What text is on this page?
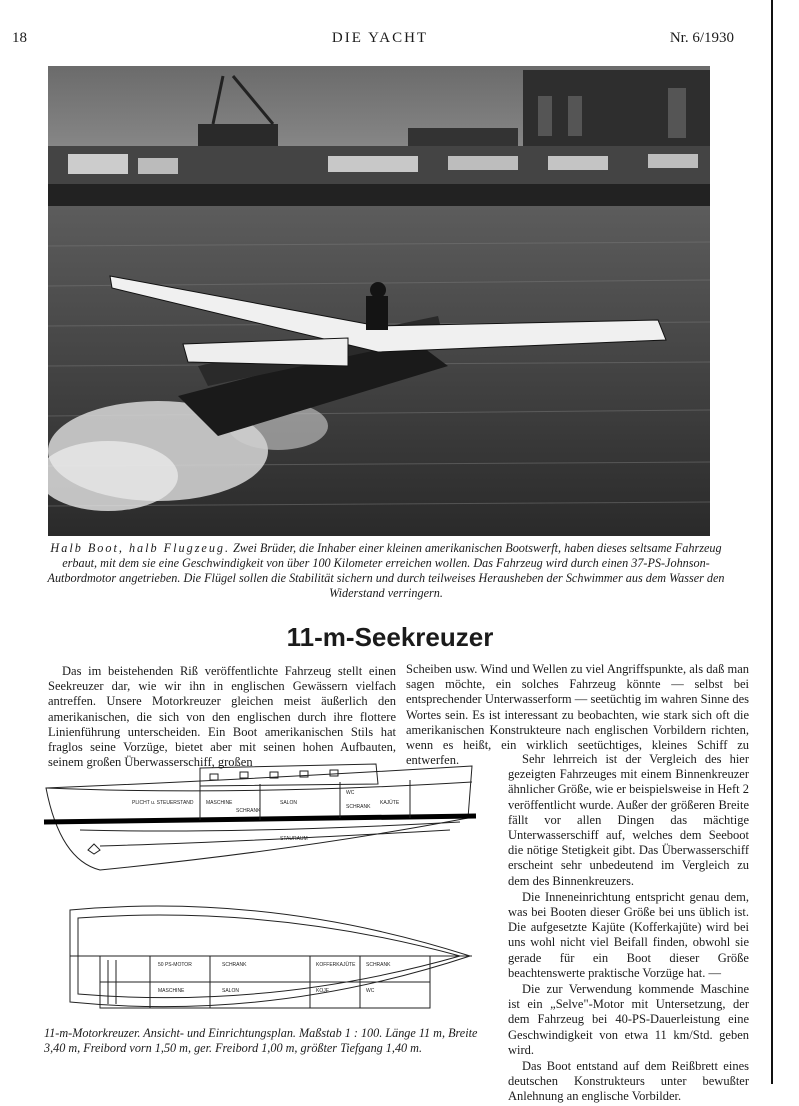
18	DIE YACHT	Nr. 6/1930

Halb Boot, halb Flugzeug. Zwei Brüder, die Inhaber einer kleinen amerikanischen Bootswerft, haben dieses seltsame Fahrzeug erbaut, mit dem sie eine Geschwindigkeit von über 100 Kilometer erreichen wollen. Das Fahrzeug wird durch einen 37-PS-Johnson-Autbordmotor angetrieben. Die Flügel sollen die Stabilität sichern und durch teilweises Herausheben der Schwimmer aus dem Wasser den Widerstand verringern.

11-m-Seekreuzer

Das im beistehenden Riß veröffentlichte Fahrzeug stellt einen Seekreuzer dar, wie wir ihn in englischen Gewässern vielfach antreffen. Unsere Motorkreuzer gleichen meist äußerlich den amerikanischen, die sich von den englischen durch ihre flottere Linienführung unterscheiden. Ein Boot amerikanischen Stils hat fraglos seine Vorzüge, bietet aber mit seinen hohen Aufbauten, seinem großen Überwasserschiff, großen

Scheiben usw. Wind und Wellen zu viel Angriffspunkte, als daß man sagen möchte, ein solches Fahrzeug könnte — selbst bei entsprechender Unterwasserform — seetüchtig im wahren Sinne des Wortes sein. Es ist interessant zu beobachten, wie stark sich oft die amerikanischen Konstrukteure nach englischen Vorbildern richten, wenn es heißt, ein wirklich seetüchtiges, kleines Schiff zu entwerfen.	Sehr lehrreich ist der Vergleich des hier gezeigten Fahrzeuges mit einem Binnenkreuzer ähnlicher Größe, wie er beispielsweise in Heft 2 veröffentlicht wurde. Außer der größeren Breite fällt vor allen Dingen das mächtige Unterwasserschiff auf, welches dem Seeboot die nötige Stetigkeit gibt. Das Überwasserschiff erscheint sehr unbedeutend im Vergleich zu dem des Binnenkreuzers.

Die Inneneinrichtung entspricht genau dem, was bei Booten dieser Größe bei uns üblich ist. Die aufgesetzte Kajüte (Kofferkajüte) wird bei uns wohl nicht viel Beifall finden, obwohl sie gerade für ein Boot dieser Größe beachtenswerte praktische Vorzüge hat. —

Die zur Verwendung kommende Maschine ist ein „Selve"-Motor mit Untersetzung, der dem Fahrzeug bei 40-PS-Dauerleistung eine Geschwindigkeit von etwa 11 km/Std. geben wird.

Das Boot entstand auf dem Reißbrett eines deutschen Konstrukteurs unter bewußter Anlehnung an englische Vorbilder.

PLICHT u. STEUERSTAND	MASCHINE
SCHRANK
SALON
STAURAUM
WC
SCHRANK
KAJÜTE
50 PS-MOTOR	SCHRANK	KOFFERKAJÜTE SCHRANK
WC
MASCHINE	SALON	KOJE

11-m-Motorkreuzer. Ansicht- und Einrichtungsplan. Maßstab 1 : 100. Länge 11 m, Breite 3,40 m, Freibord vorn 1,50 m, ger. Freibord 1,00 m, größter Tiefgang 1,40 m.
